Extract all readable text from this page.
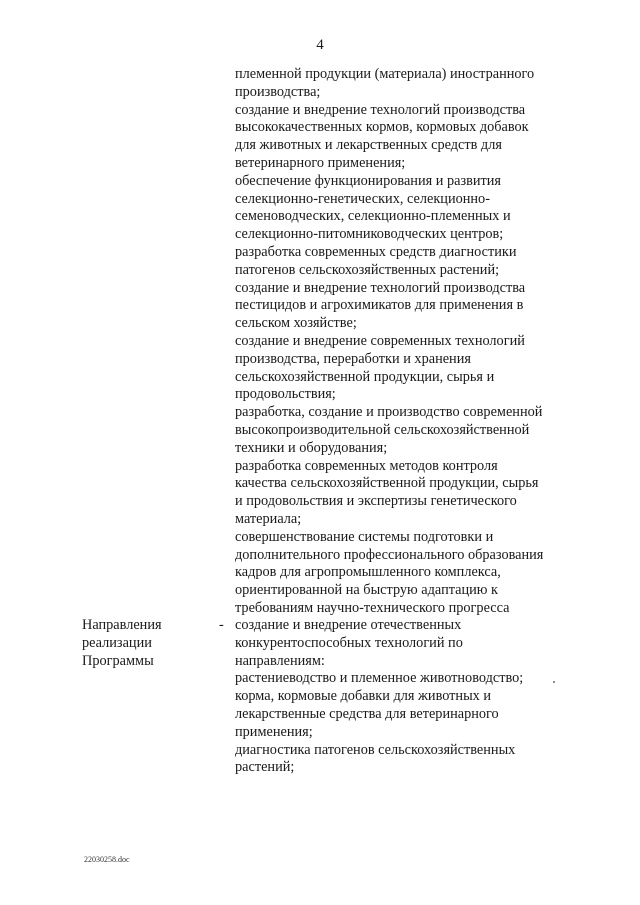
4
племенной продукции (материала) иностранного
производства;
создание и внедрение технологий производства
высококачественных кормов, кормовых добавок
для животных и лекарственных средств для
ветеринарного применения;
обеспечение функционирования и развития
селекционно-генетических, селекционно-
семеноводческих, селекционно-племенных и
селекционно-питомниководческих центров;
разработка современных средств диагностики
патогенов сельскохозяйственных растений;
создание и внедрение технологий производства
пестицидов и агрохимикатов для применения в
сельском хозяйстве;
создание и внедрение современных технологий
производства, переработки и хранения
сельскохозяйственной продукции, сырья и
продовольствия;
разработка, создание и производство современной
высокопроизводительной сельскохозяйственной
техники и оборудования;
разработка современных методов контроля
качества сельскохозяйственной продукции, сырья
и продовольствия и экспертизы генетического
материала;
совершенствование системы подготовки и
дополнительного профессионального образования
кадров для агропромышленного комплекса,
ориентированной на быструю адаптацию к
требованиям научно-технического прогресса
Направления
реализации
Программы
- создание и внедрение отечественных
конкурентоспособных технологий по
направлениям:
растениеводство и племенное животноводство;
корма, кормовые добавки для животных и
лекарственные средства для ветеринарного
применения;
диагностика патогенов сельскохозяйственных
растений;
22030258.doc
